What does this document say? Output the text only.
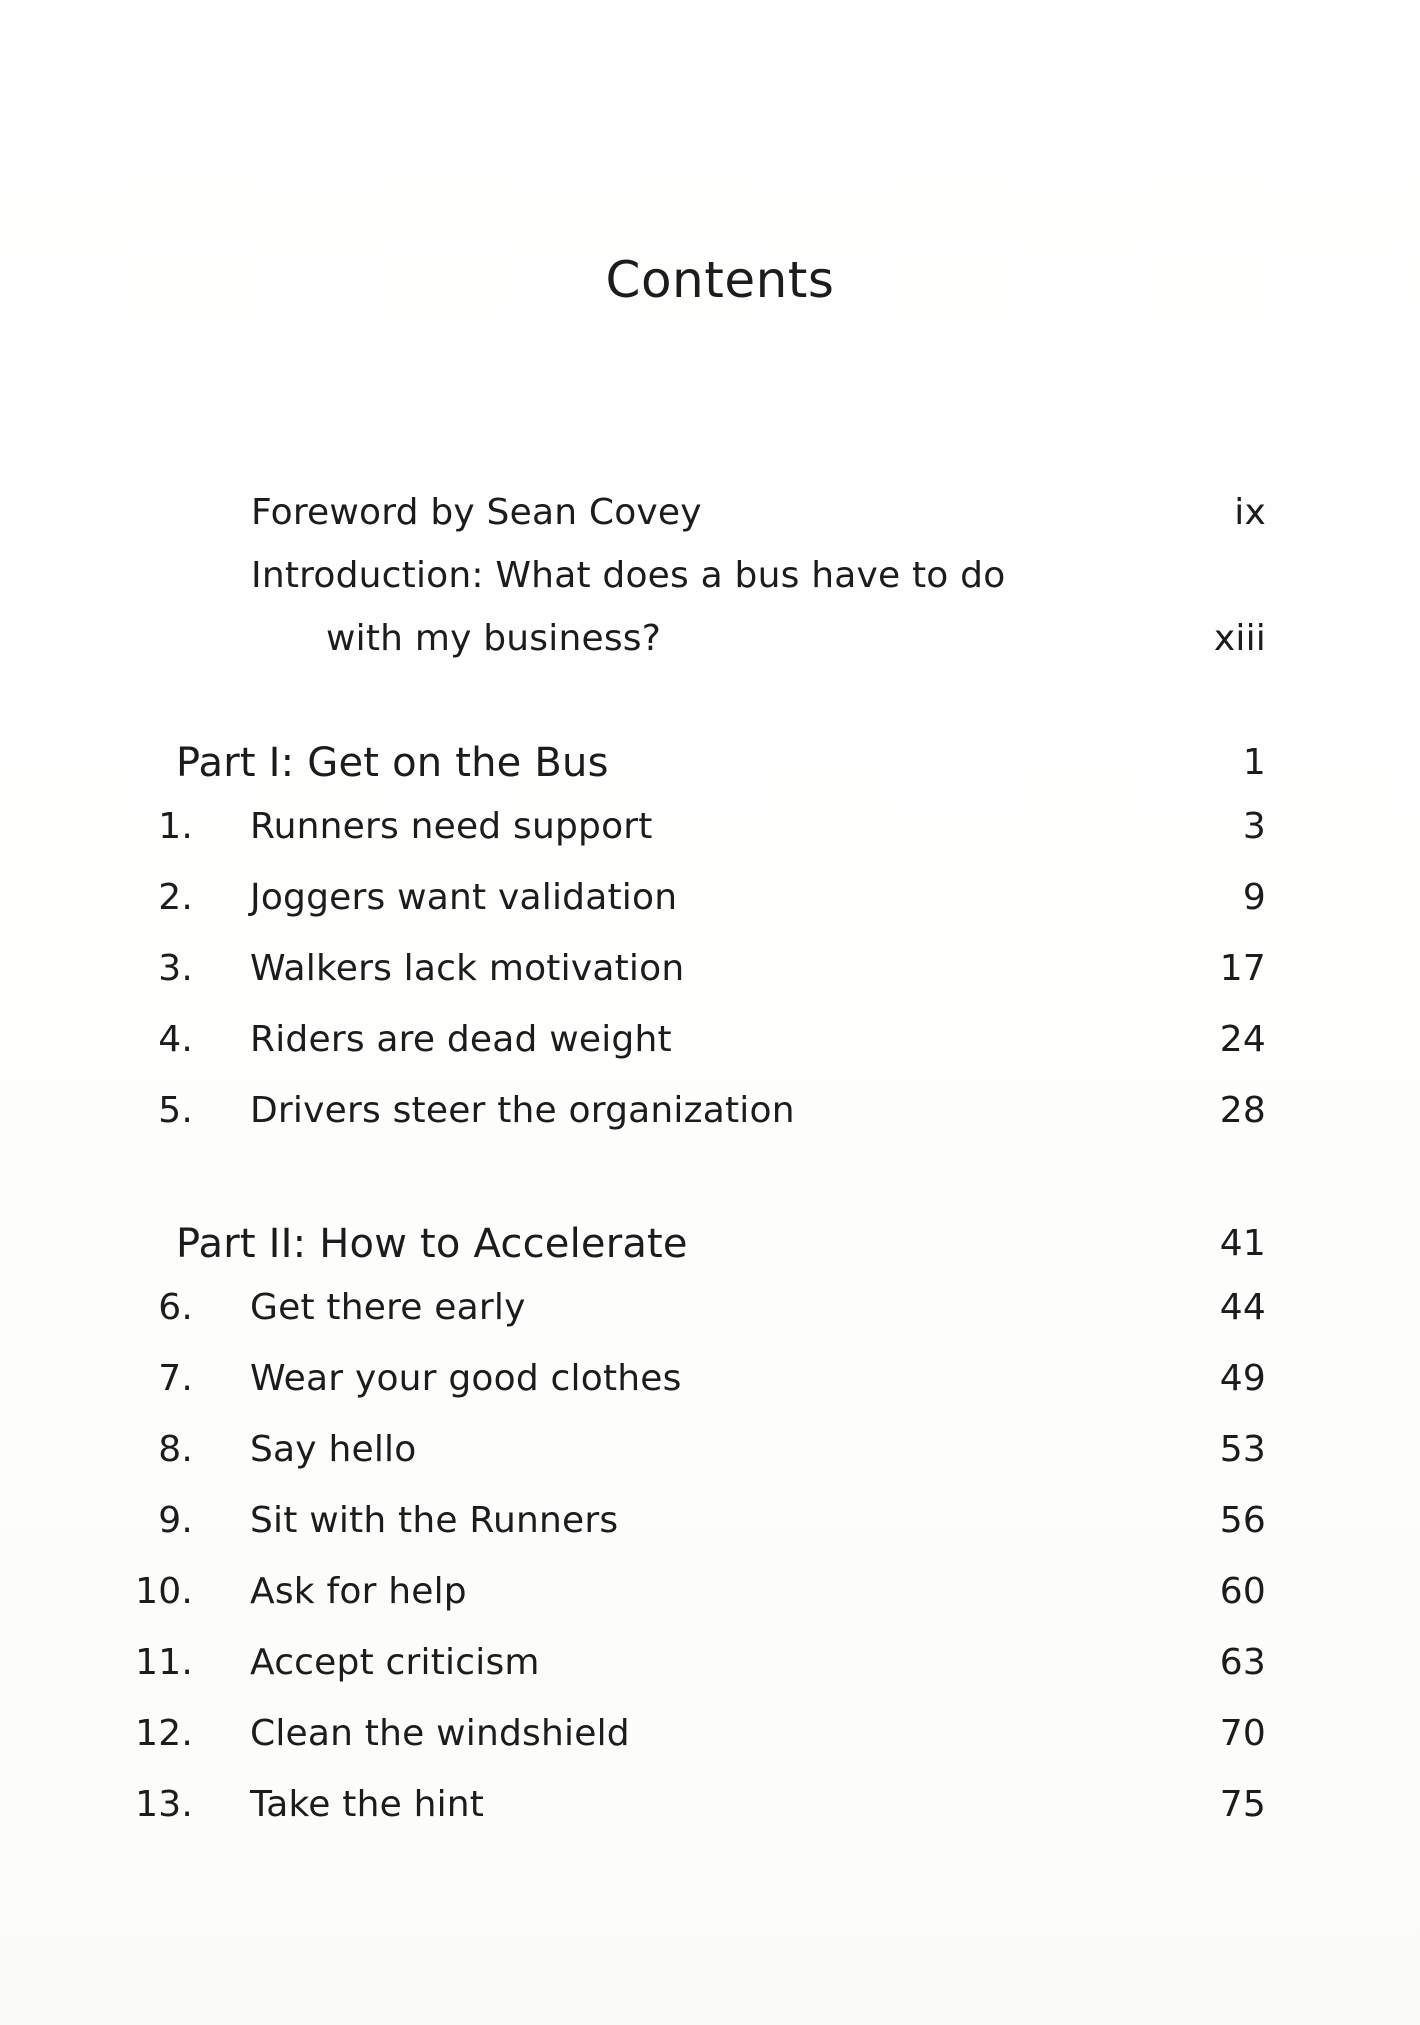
Contents
Foreword by Sean Covey	ix
Introduction: What does a bus have to do
with my business?	xiii
Part I: Get on the Bus	1
1. Runners need support	3
2. Joggers want validation	9
3. Walkers lack motivation	17
4. Riders are dead weight	24
5. Drivers steer the organization	28
Part II: How to Accelerate	41
6. Get there early	44
7. Wear your good clothes	49
8. Say hello	53
9. Sit with the Runners	56
10. Ask for help	60
11. Accept criticism	63
12. Clean the windshield	70
13. Take the hint	75
